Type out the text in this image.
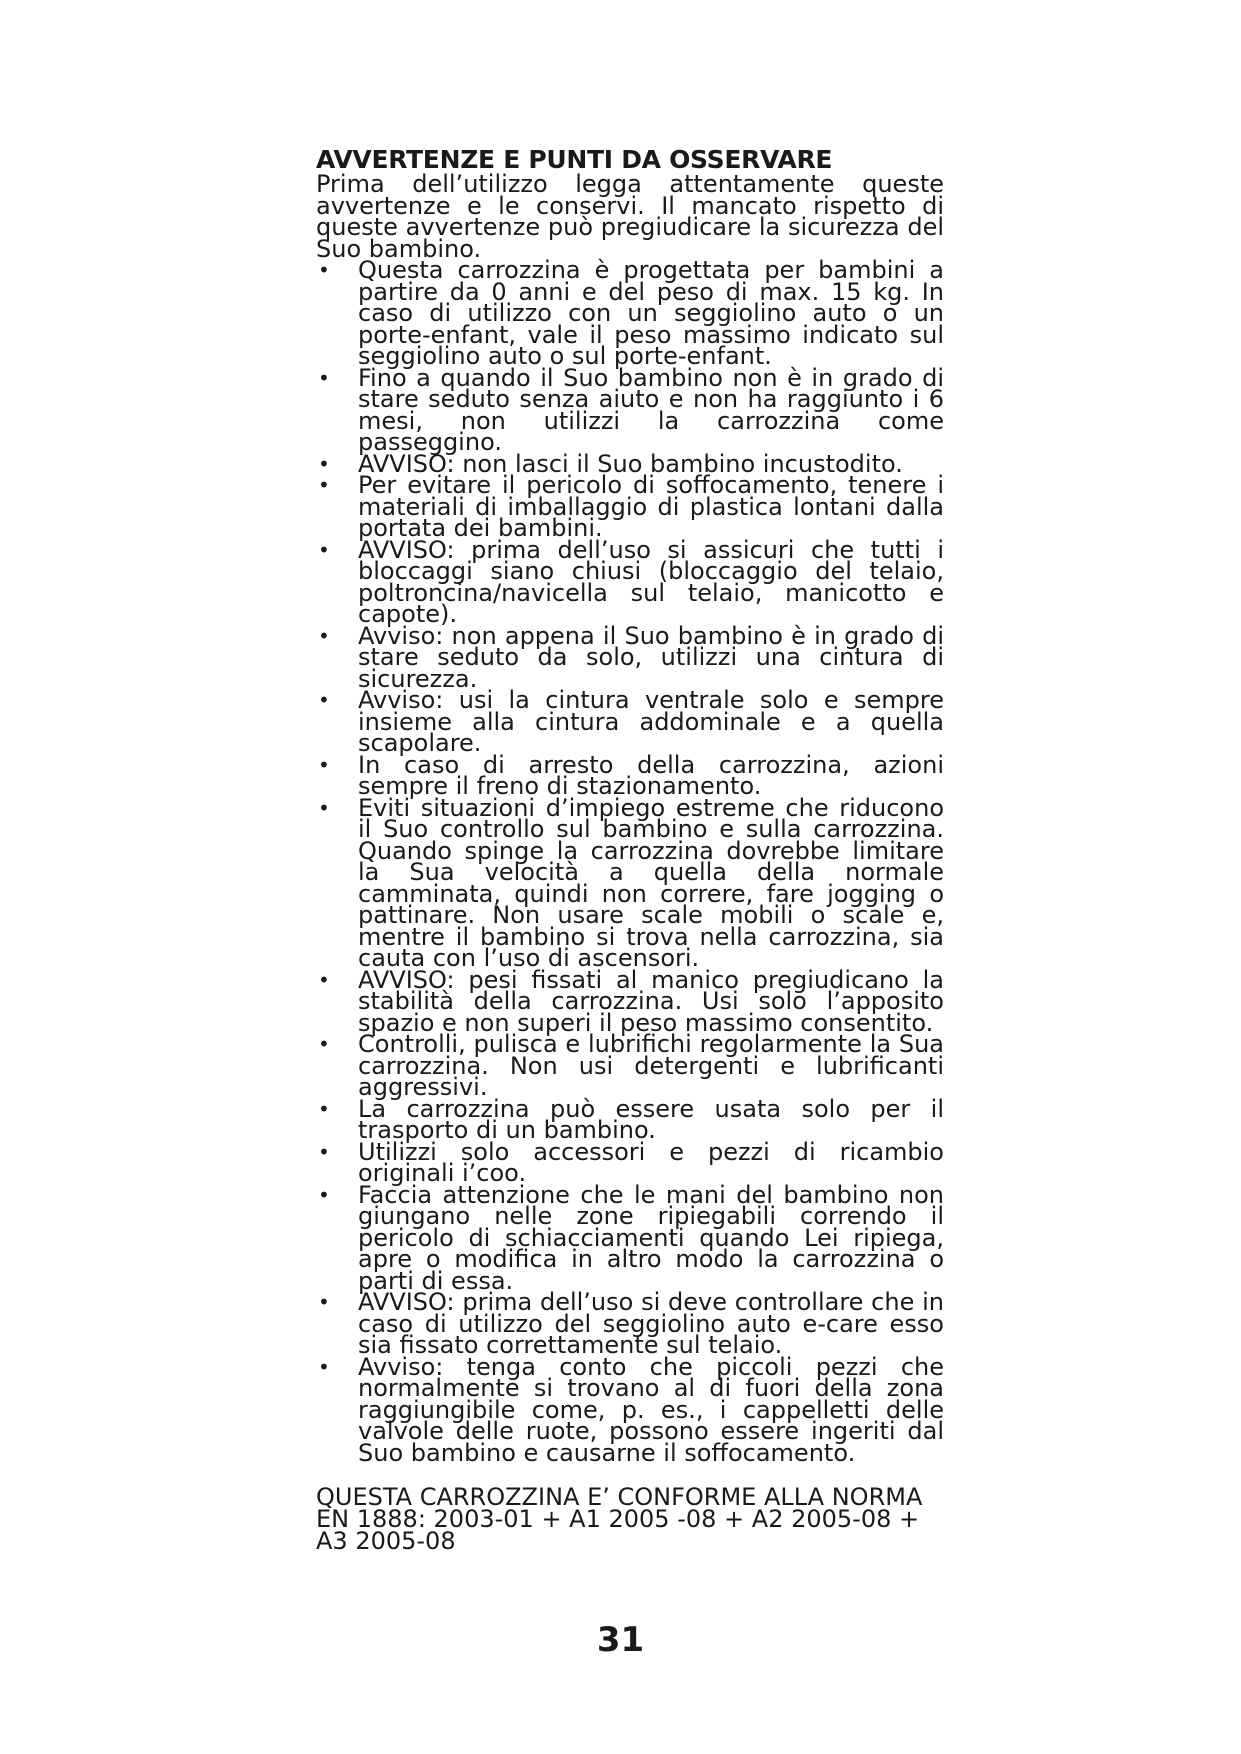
AVVERTENZE E PUNTI DA OSSERVARE

Prima dell’utilizzo legga attentamente queste avvertenze e le conservi. Il mancato rispetto di queste avvertenze può pregiudicare la sicurezza del Suo bambino.

• Questa carrozzina è progettata per bambini a partire da 0 anni e del peso di max. 15 kg. In caso di utilizzo con un seggiolino auto o un porte-enfant, vale il peso massimo indicato sul seggiolino auto o sul porte-enfant.
• Fino a quando il Suo bambino non è in grado di stare seduto senza aiuto e non ha raggiunto i 6 mesi, non utilizzi la carrozzina come passeggino.
• AVVISO: non lasci il Suo bambino incustodito.
• Per evitare il pericolo di soffocamento, tenere i materiali di imballaggio di plastica lontani dalla portata dei bambini.
• AVVISO: prima dell’uso si assicuri che tutti i bloccaggi siano chiusi (bloccaggio del telaio, poltroncina/navicella sul telaio, manicotto e capote).
• Avviso: non appena il Suo bambino è in grado di stare seduto da solo, utilizzi una cintura di sicurezza.
• Avviso: usi la cintura ventrale solo e sempre insieme alla cintura addominale e a quella scapolare.
• In caso di arresto della carrozzina, azioni sempre il freno di stazionamento.
• Eviti situazioni d’impiego estreme che riducono il Suo controllo sul bambino e sulla carrozzina. Quando spinge la carrozzina dovrebbe limitare la Sua velocità a quella della normale camminata, quindi non correre, fare jogging o pattinare. Non usare scale mobili o scale e, mentre il bambino si trova nella carrozzina, sia cauta con l’uso di ascensori.
• AVVISO: pesi fissati al manico pregiudicano la stabilità della carrozzina. Usi solo l’apposito spazio e non superi il peso massimo consentito.
• Controlli, pulisca e lubrifichi regolarmente la Sua carrozzina. Non usi detergenti e lubrificanti aggressivi.
• La carrozzina può essere usata solo per il trasporto di un bambino.
• Utilizzi solo accessori e pezzi di ricambio originali i’coo.
• Faccia attenzione che le mani del bambino non giungano nelle zone ripiegabili correndo il pericolo di schiacciamenti quando Lei ripiega, apre o modifica in altro modo la carrozzina o parti di essa.
• AVVISO: prima dell’uso si deve controllare che in caso di utilizzo del seggiolino auto e-care esso sia fissato correttamente sul telaio.
• Avviso: tenga conto che piccoli pezzi che normalmente si trovano al di fuori della zona raggiungibile come, p. es., i cappelletti delle valvole delle ruote, possono essere ingeriti dal Suo bambino e causarne il soffocamento.

QUESTA CARROZZINA E’ CONFORME ALLA NORMA EN 1888: 2003-01 + A1 2005 -08 + A2 2005-08 + A3 2005-08

31
